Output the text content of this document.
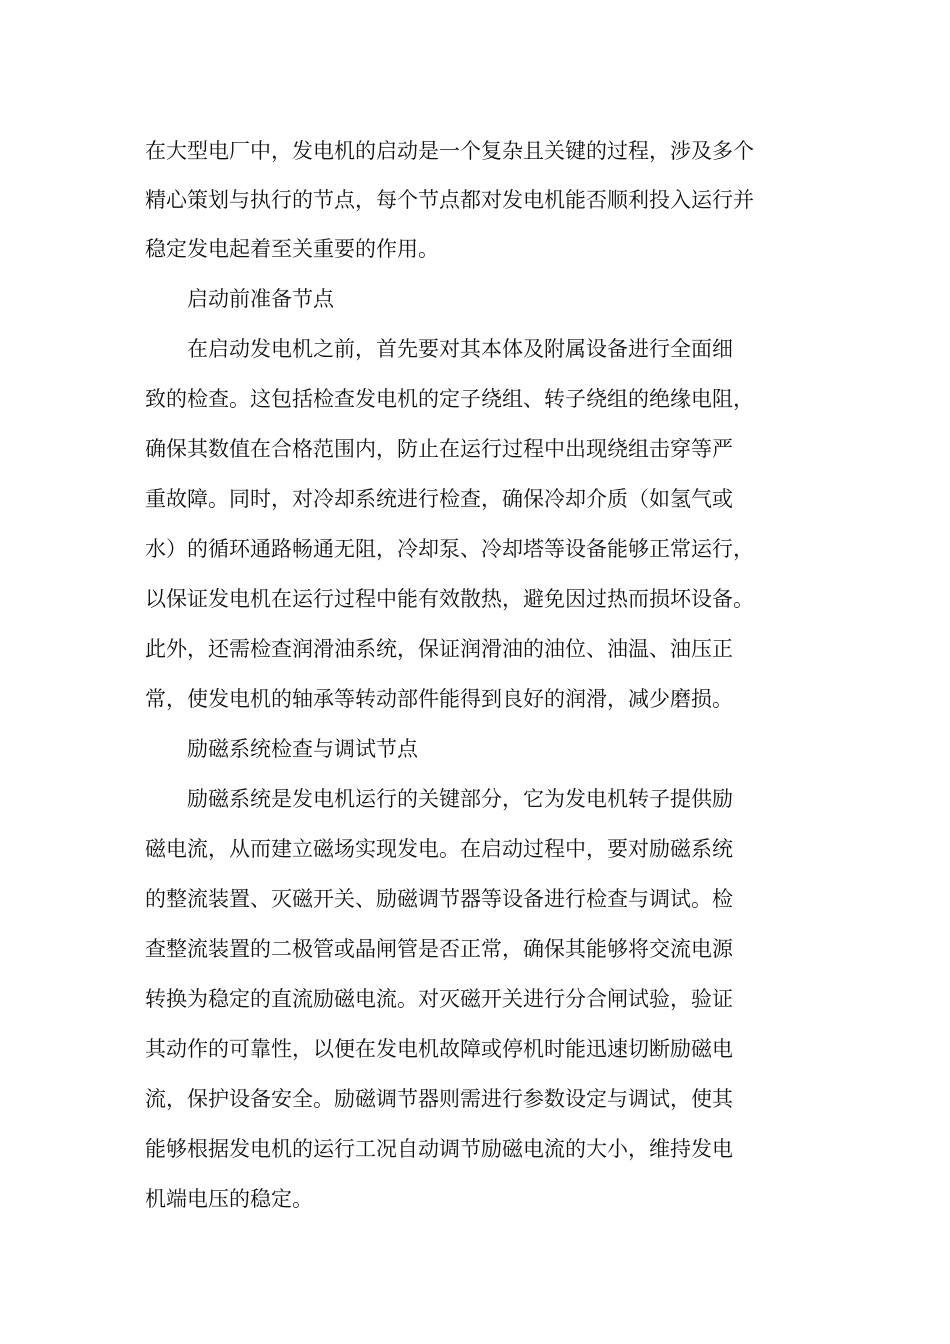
在大型电厂中，发电机的启动是一个复杂且关键的过程，涉及多个
精心策划与执行的节点，每个节点都对发电机能否顺利投入运行并
稳定发电起着至关重要的作用。
启动前准备节点
在启动发电机之前，首先要对其本体及附属设备进行全面细
致的检查。这包括检查发电机的定子绕组、转子绕组的绝缘电阻，
确保其数值在合格范围内，防止在运行过程中出现绕组击穿等严
重故障。同时，对冷却系统进行检查，确保冷却介质（如氢气或
水）的循环通路畅通无阻，冷却泵、冷却塔等设备能够正常运行，
以保证发电机在运行过程中能有效散热，避免因过热而损坏设备。
此外，还需检查润滑油系统，保证润滑油的油位、油温、油压正
常，使发电机的轴承等转动部件能得到良好的润滑，减少磨损。
励磁系统检查与调试节点
励磁系统是发电机运行的关键部分，它为发电机转子提供励
磁电流，从而建立磁场实现发电。在启动过程中，要对励磁系统
的整流装置、灭磁开关、励磁调节器等设备进行检查与调试。检
查整流装置的二极管或晶闸管是否正常，确保其能够将交流电源
转换为稳定的直流励磁电流。对灭磁开关进行分合闸试验，验证
其动作的可靠性，以便在发电机故障或停机时能迅速切断励磁电
流，保护设备安全。励磁调节器则需进行参数设定与调试，使其
能够根据发电机的运行工况自动调节励磁电流的大小，维持发电
机端电压的稳定。
